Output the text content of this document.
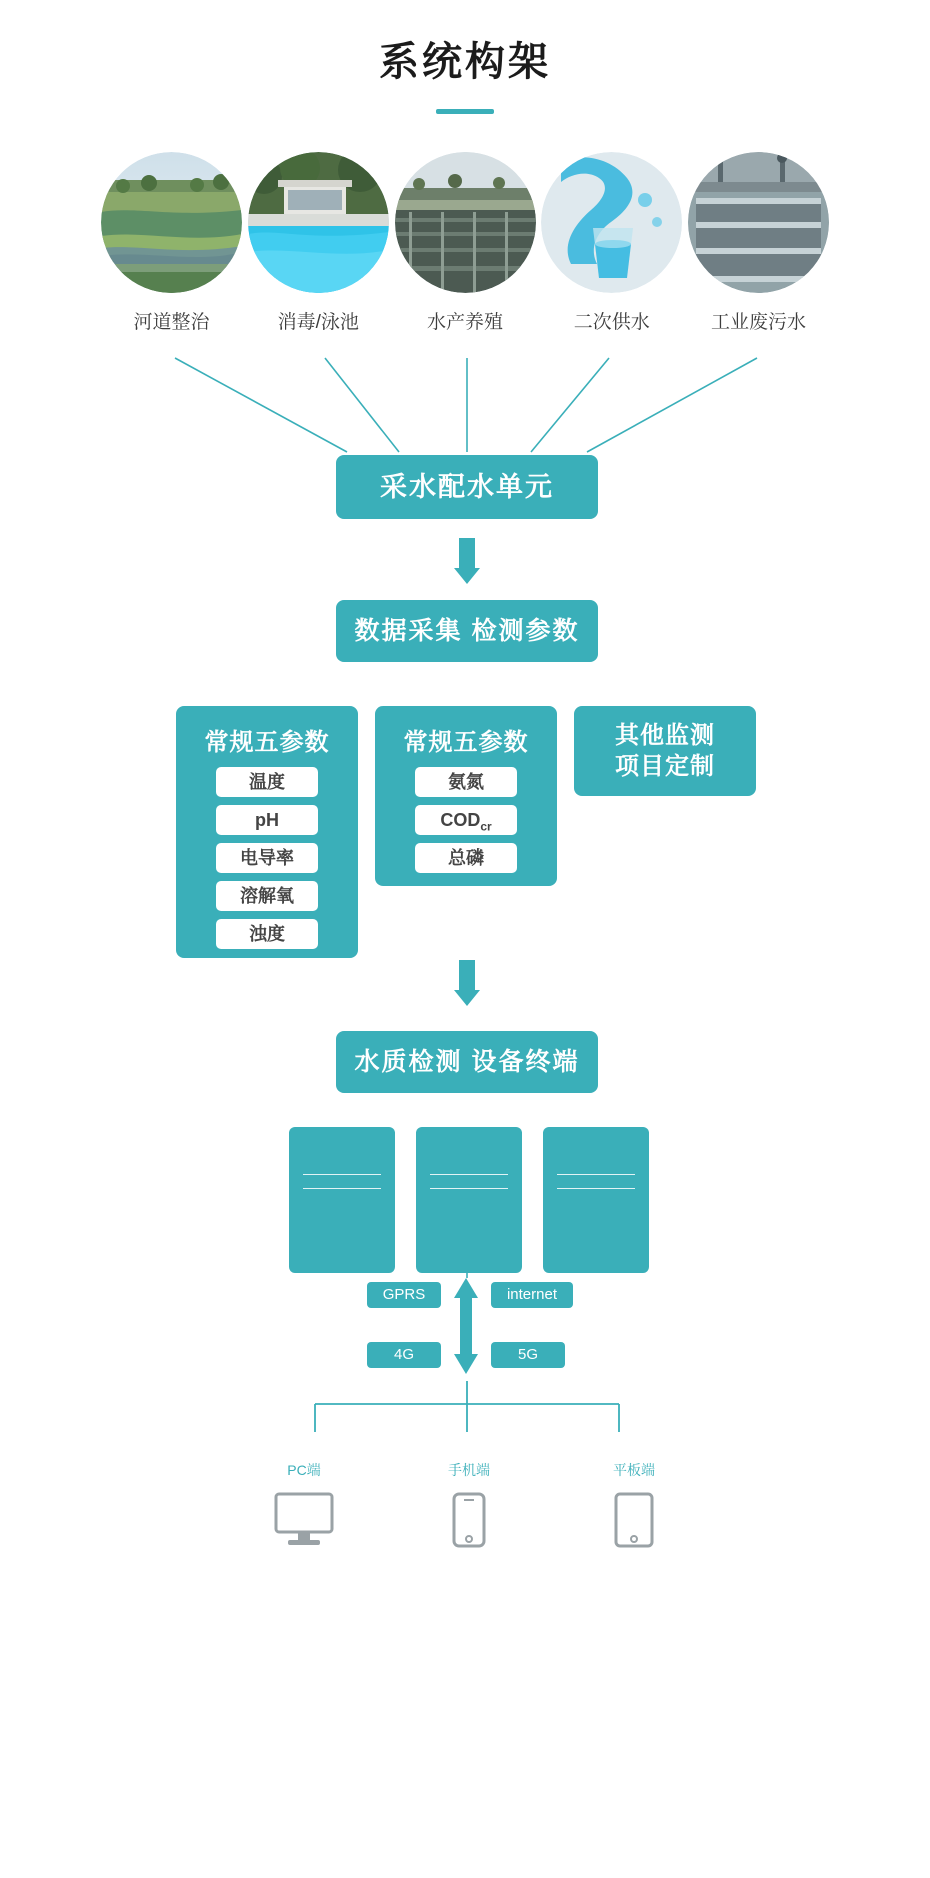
系统构架
河道整治	消毒/泳池	水产养殖	二次供水	工业废污水
采水配水单元
数据采集 检测参数
常规五参数
温度
pH
电导率
溶解氧
浊度
常规五参数
氨氮
$COD_{cr}$
总磷
其他监测
项目定制
水质检测 设备终端
GPRS	internet
4G	5G
PC端	手机端	平板端
